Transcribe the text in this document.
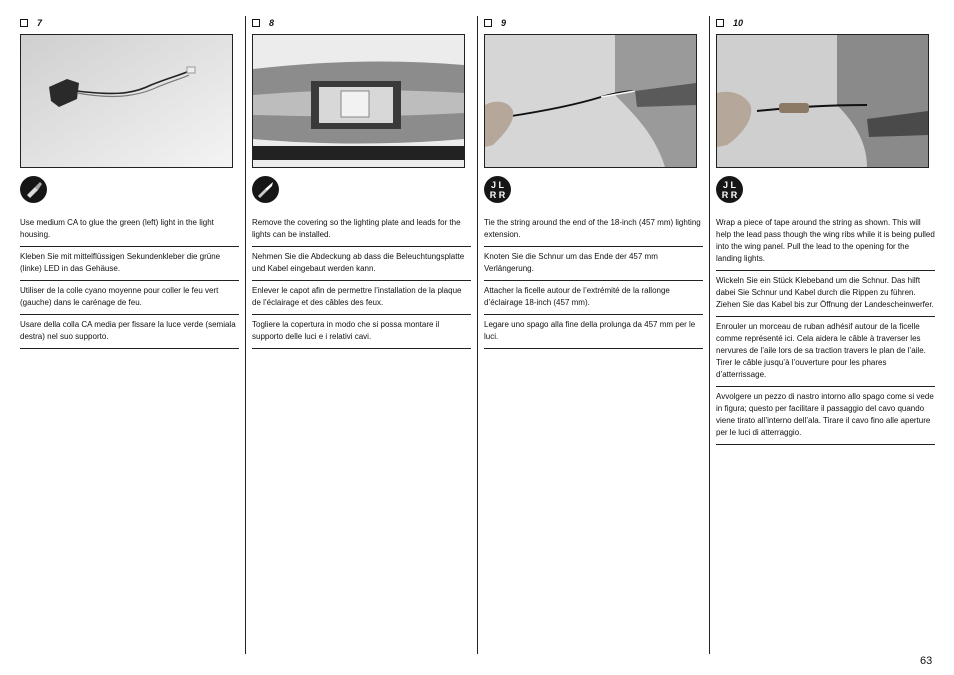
7
Use medium CA to glue the green (left) light in the light housing.
Kleben Sie mit mittelflüssigen Sekundenkleber die grüne (linke) LED in das Gehäuse.
Utiliser de la colle cyano moyenne pour coller le feu vert (gauche) dans le carénage de feu.
Usare della colla CA media per fissare la luce verde (semiala destra) nel suo supporto.
8
Remove the covering so the lighting plate and leads for the lights can be installed.
Nehmen Sie die Abdeckung ab dass die Beleuchtungsplatte und Kabel eingebaut werden kann.
Enlever le capot afin de permettre l’installation de la plaque de l’éclairage et des câbles des feux.
Togliere la copertura in modo che si possa montare il supporto delle luci e i relativi cavi.
9
J L
R R
Tie the string around the end of the 18-inch (457 mm) lighting extension.
Knoten Sie die Schnur um das Ende der 457 mm Verlängerung.
Attacher la ficelle autour de l’extrémité de la rallonge d’éclairage 18-inch (457 mm).
Legare uno spago alla fine della prolunga da 457 mm per le luci.
10
J L
R R
Wrap a piece of tape around the string as shown. This will help the lead pass though the wing ribs while it is being pulled into the wing panel. Pull the lead to the opening for the landing lights.
Wickeln Sie ein Stück Klebeband um die Schnur. Das hilft dabei Sie Schnur und Kabel durch die Rippen zu führen. Ziehen Sie das Kabel bis zur Öffnung der Landescheinwerfer.
Enrouler un morceau de ruban adhésif autour de la ficelle comme représenté ici. Cela aidera le câble à traverser les nervures de l’aile lors de sa traction travers le plan de l’aile. Tirer le câble jusqu’à l’ouverture pour les phares d’atterrissage.
Avvolgere un pezzo di nastro intorno allo spago come si vede in figura; questo per facilitare il passaggio del cavo quando viene tirato all’interno dell’ala. Tirare il cavo fino alle aperture per le luci di atterraggio.
63
